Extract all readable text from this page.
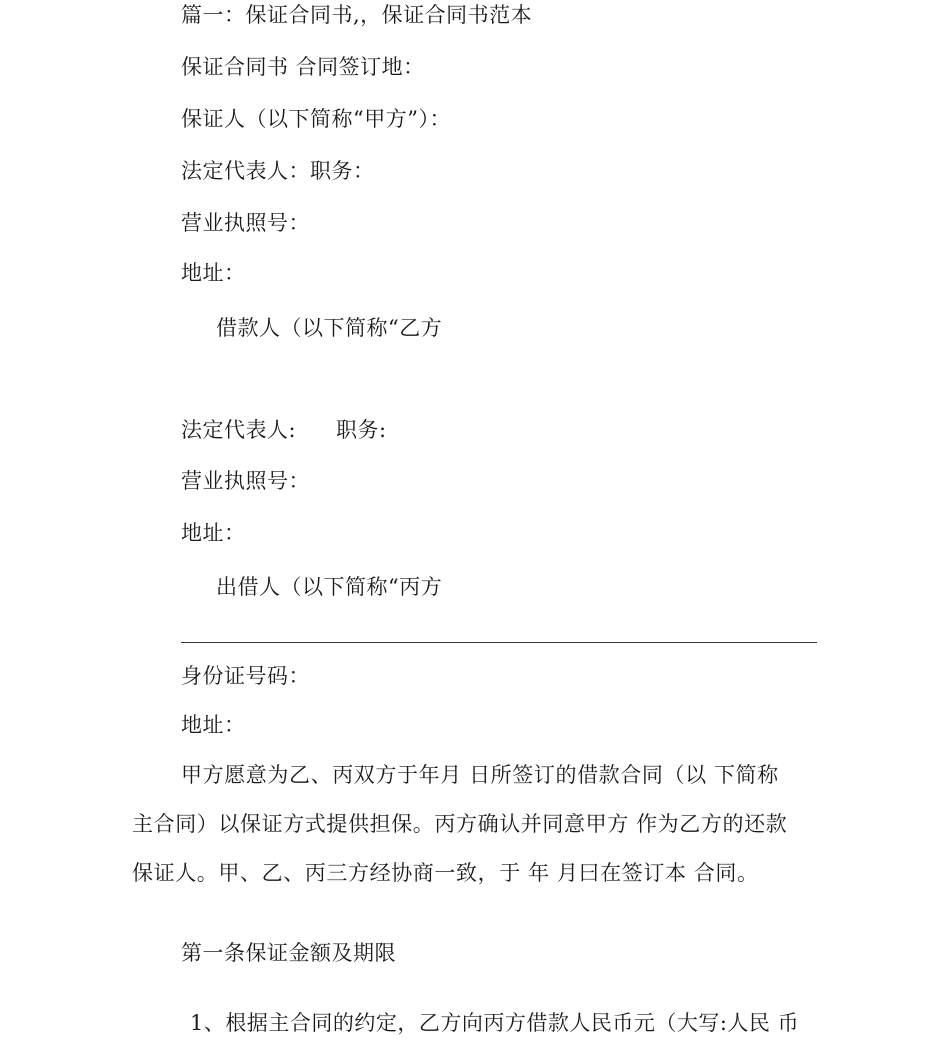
篇一：保证合同书,，保证合同书范本
保证合同书 合同签订地：
保证人（以下简称“甲方”）：
法定代表人：职务：
营业执照号：
地址：
借款人（以下简称“乙方
法定代表人: 职务:
营业执照号：
地址：
出借人（以下简称“丙方
身份证号码：
地址：
甲方愿意为乙、丙双方于年月 日所签订的借款合同（以 下简称
主合同）以保证方式提供担保。丙方确认并同意甲方 作为乙方的还款
保证人。甲、乙、丙三方经协商一致，于 年 月曰在签订本 合同。
第一条保证金额及期限
1、根据主合同的约定，乙方向丙方借款人民币元（大写:人民 币
